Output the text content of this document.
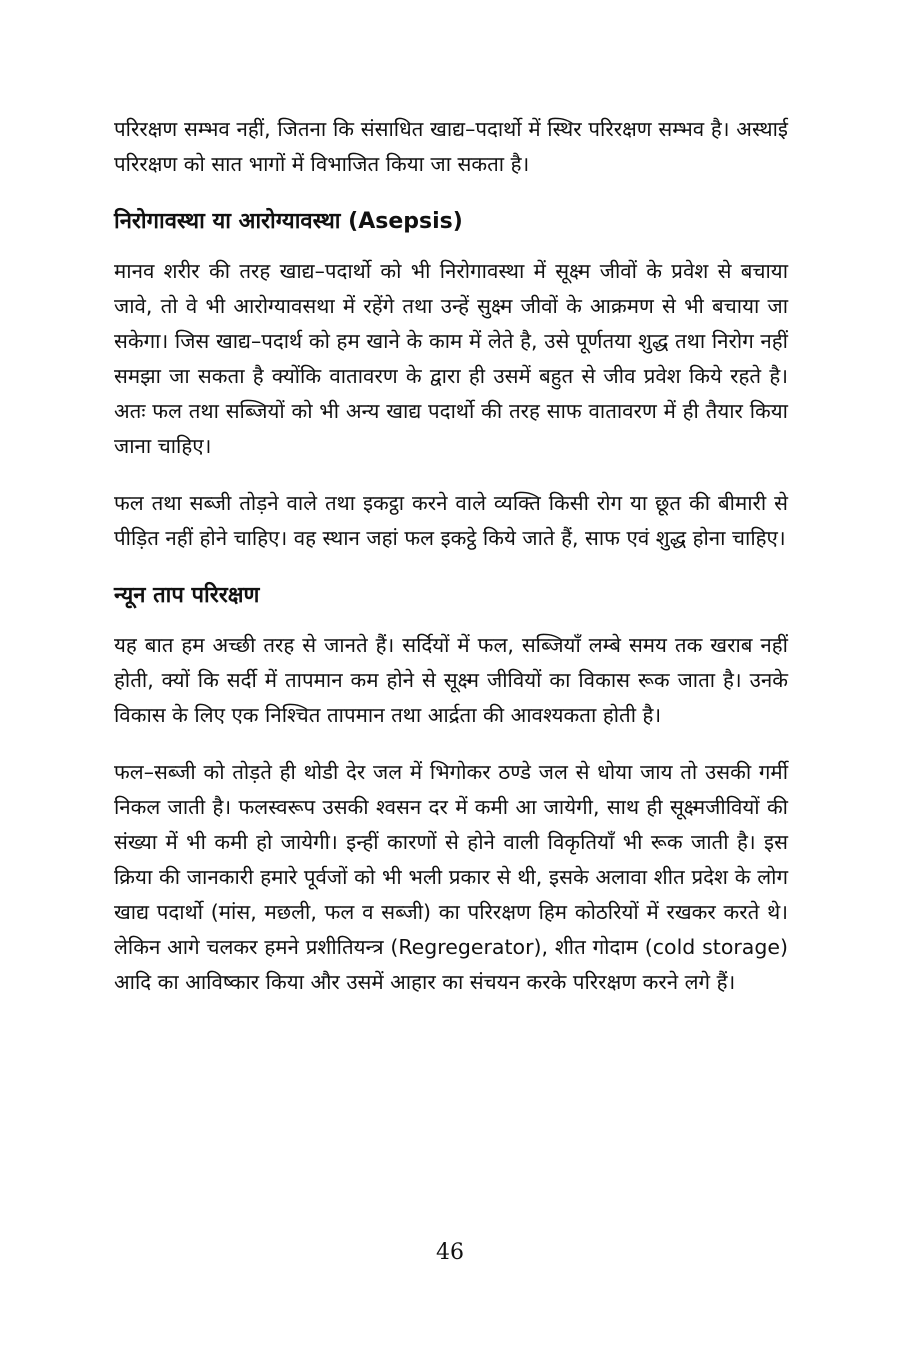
परिरक्षण सम्भव नहीं, जितना कि संसाधित खाद्य–पदार्थो में स्थिर परिरक्षण सम्भव है। अस्थाई परिरक्षण को सात भागों में विभाजित किया जा सकता है।

निरोगावस्था या आरोग्यावस्था (Asepsis)

मानव शरीर की तरह खाद्य–पदार्थो को भी निरोगावस्था में सूक्ष्म जीवों के प्रवेश से बचाया जावे, तो वे भी आरोग्यावसथा में रहेंगे तथा उन्हें सुक्ष्म जीवों के आक्रमण से भी बचाया जा सकेगा। जिस खाद्य–पदार्थ को हम खाने के काम में लेते है, उसे पूर्णतया शुद्ध तथा निरोग नहीं समझा जा सकता है क्योंकि वातावरण के द्वारा ही उसमें बहुत से जीव प्रवेश किये रहते है। अतः फल तथा सब्जियों को भी अन्य खाद्य पदार्थो की तरह साफ वातावरण में ही तैयार किया जाना चाहिए।

फल तथा सब्जी तोड़ने वाले तथा इकट्ठा करने वाले व्यक्ति किसी रोग या छूत की बीमारी से पीड़ित नहीं होने चाहिए। वह स्थान जहां फल इकट्ठे किये जाते हैं, साफ एवं शुद्ध होना चाहिए।

न्यून ताप परिरक्षण

यह बात हम अच्छी तरह से जानते हैं। सर्दियों में फल, सब्जियाँ लम्बे समय तक खराब नहीं होती, क्यों कि सर्दी में तापमान कम होने से सूक्ष्म जीवियों का विकास रूक जाता है। उनके विकास के लिए एक निश्चित तापमान तथा आर्द्रता की आवश्यकता होती है।

फल–सब्जी को तोड़ते ही थोडी देर जल में भिगोकर ठण्डे जल से धोया जाय तो उसकी गर्मी निकल जाती है। फलस्वरूप उसकी श्वसन दर में कमी आ जायेगी, साथ ही सूक्ष्मजीवियों की संख्या में भी कमी हो जायेगी। इन्हीं कारणों से होने वाली विकृतियाँ भी रूक जाती है। इस क्रिया की जानकारी हमारे पूर्वजों को भी भली प्रकार से थी, इसके अलावा शीत प्रदेश के लोग खाद्य पदार्थो (मांस, मछली, फल व सब्जी) का परिरक्षण हिम कोठरियों में रखकर करते थे। लेकिन आगे चलकर हमने प्रशीतियन्त्र (Regregerator), शीत गोदाम (cold storage) आदि का आविष्कार किया और उसमें आहार का संचयन करके परिरक्षण करने लगे हैं।

46
